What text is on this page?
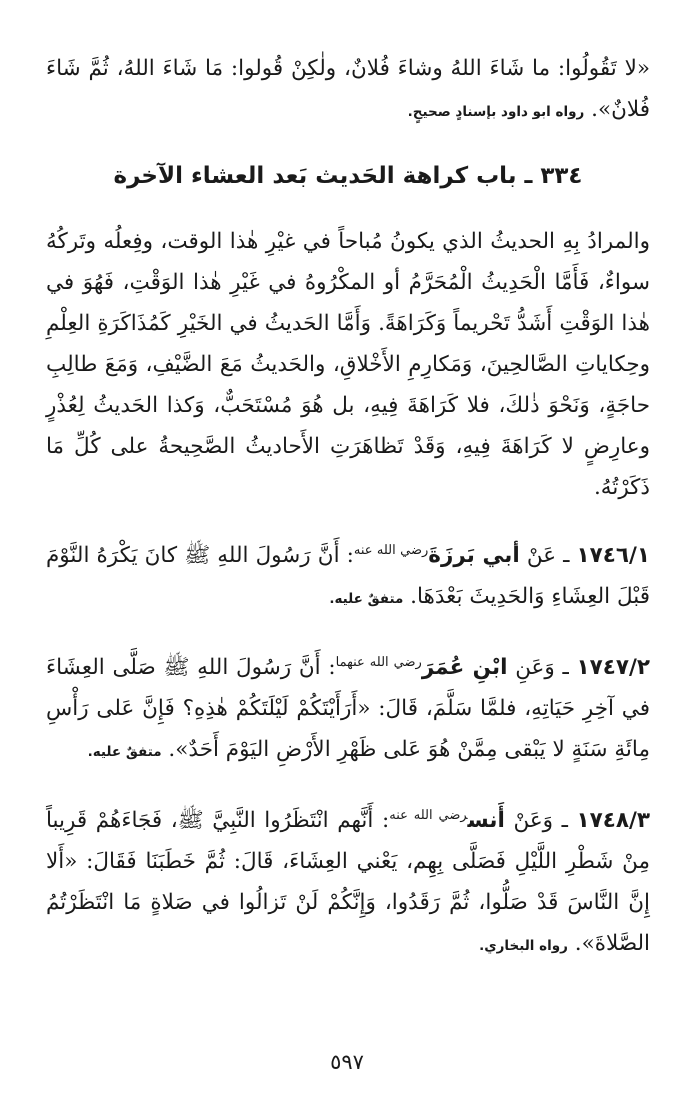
«لا تَقُولُوا: ما شَاءَ اللهُ وشاءَ فُلانٌ، ولٰكِنْ قُولوا: مَا شَاءَ اللهُ، ثُمَّ شَاءَ فُلانٌ». رواه ابو داود بإسنادٍ صحيحٍ.

٣٣٤ ـ باب كراهة الحَديث بَعد العشاء الآخرة

والمرادُ بِهِ الحديثُ الذي يكونُ مُباحاً في غيْرِ هٰذا الوقت، وفِعلُه وتَركُهُ سواءٌ، فَأَمَّا الْحَدِيثُ الْمُحَرَّمُ أو المكْرُوهُ في غَيْرِ هٰذا الوَقْتِ، فَهُوَ في هٰذا الوَقْتِ أَشَدُّ تَحْريماً وَكَرَاهَةً. وَأَمَّا الحَديثُ في الخَيْرِ كَمُذَاكَرَةِ العِلْمِ وحِكاياتِ الصَّالحِينَ، وَمَكارِمِ الأَخْلاقِ، والحَديثُ مَعَ الضَّيْفِ، وَمَعَ طالِبِ حاجَةٍ، وَنَحْوَ ذٰلكَ، فلا كَرَاهَةَ فِيهِ، بل هُوَ مُسْتَحَبٌّ، وَكذا الحَديثُ لِعُذْرٍ وعارِضٍ لا كَرَاهَةَ فِيهِ، وَقَدْ تَظاهَرَتِ الأَحاديثُ الصَّحِيحةُ على كُلِّ مَا ذَكَرْتُهُ.

١٧٤٦/١ ـ عَنْ أبي بَرزَةَ$^{رضي الله عنه}$: أَنَّ رَسُولَ اللهِ ﷺ كانَ يَكْرَهُ النَّوْمَ قَبْلَ العِشَاءِ وَالحَدِيثَ بَعْدَهَا. متفقٌ عليه.

١٧٤٧/٢ ـ وَعَنِ ابْنِ عُمَرَ$^{رضي الله عنهما}$: أَنَّ رَسُولَ اللهِ ﷺ صَلَّى العِشَاءَ في آخِرِ حَيَاتِهِ، فلمَّا سَلَّمَ، قَالَ: «أَرَأَيْتَكُمْ لَيْلَتَكُمْ هٰذِهِ؟ فَإِنَّ عَلى رَأْسِ مِائَةِ سَنَةٍ لا يَبْقى مِمَّنْ هُوَ عَلى ظَهْرِ الأَرْضِ اليَوْمَ أَحَدٌ». متفقٌ عليه.

١٧٤٨/٣ ـ وَعَنْ أَنس$^{رضي الله عنه}$: أَنَّهم انْتَظَرُوا النَّبِيَّ ﷺ، فَجَاءَهُمْ قَرِيباً مِنْ شَطْرِ اللَّيْلِ فَصَلَّى بِهِم، يَعْني العِشَاءَ، قَالَ: ثُمَّ خَطَبَنَا فَقَالَ: «أَلا إِنَّ النَّاسَ قَدْ صَلُّوا، ثُمَّ رَقَدُوا، وَإِنَّكُمْ لَنْ تَزالُوا في صَلاةٍ مَا انْتَظَرْتُمُ الصَّلاةَ». رواه البخاري.

٥٩٧
